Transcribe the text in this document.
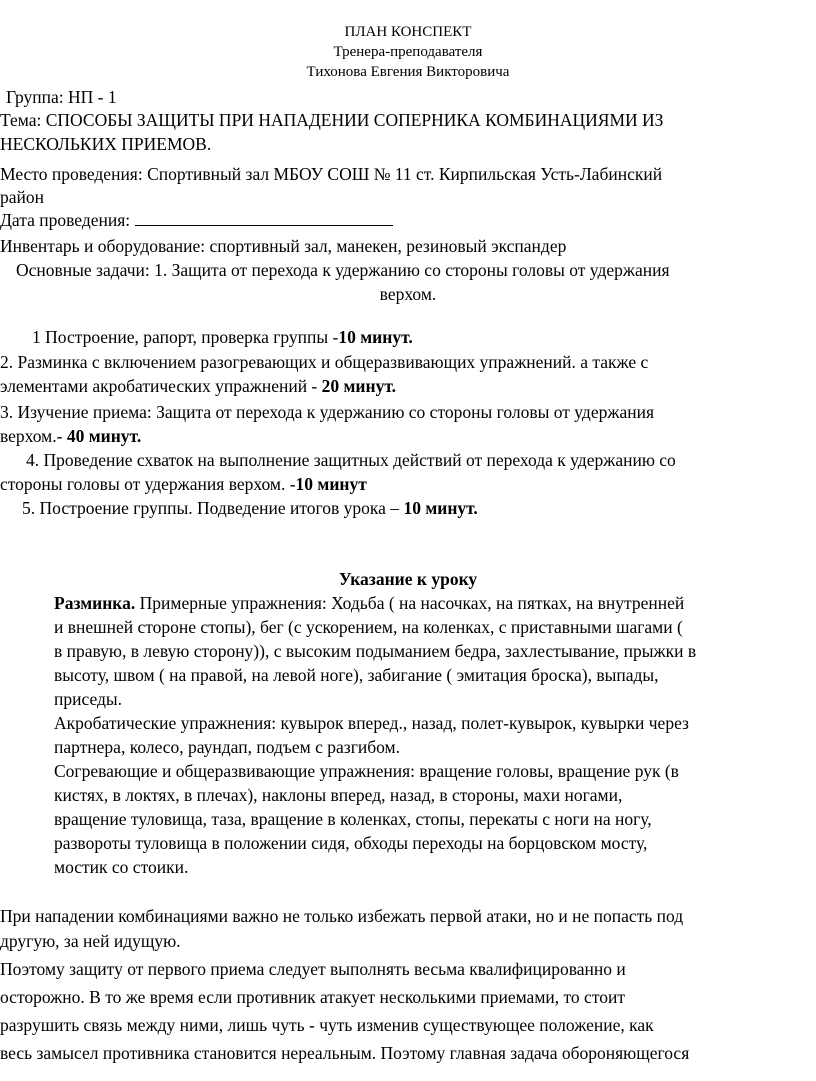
ПЛАН КОНСПЕКТ
Тренера-преподавателя
Тихонова Евгения Викторовича
Группа: НП - 1
Тема: СПОСОБЫ ЗАЩИТЫ ПРИ НАПАДЕНИИ СОПЕРНИКА КОМБИНАЦИЯМИ ИЗ
НЕСКОЛЬКИХ ПРИЕМОВ.
Место проведения: Спортивный зал МБОУ СОШ № 11 ст. Кирпильская Усть-Лабинский
район
Дата проведения:
Инвентарь и оборудование: спортивный зал, манекен, резиновый экспандер
Основные задачи: 1. Защита от перехода к удержанию со стороны головы от удержания
верхом.
1 Построение, рапорт, проверка группы -10 минут.
2. Разминка с включением разогревающих и общеразвивающих упражнений. а также с
элементами акробатических упражнений - 20 минут.
3. Изучение приема: Защита от перехода к удержанию со стороны головы от удержания
верхом.- 40 минут.
4. Проведение схваток на выполнение защитных действий от перехода к удержанию со
стороны головы от удержания верхом. -10 минут
5. Построение группы. Подведение итогов урока – 10 минут.
Указание к уроку
Разминка. Примерные упражнения: Ходьба ( на насочках, на пятках, на внутренней
и внешней стороне стопы), бег (с ускорением, на коленках, с приставными шагами (
в правую, в левую сторону)), с высоким подыманием бедра, захлестывание, прыжки в
высоту, швом ( на правой, на левой ноге), забигание ( эмитация броска), выпады,
приседы.
Акробатические упражнения: кувырок вперед., назад, полет-кувырок, кувырки через
партнера, колесо, раундап, подъем с разгибом.
Согревающие и общеразвивающие упражнения: вращение головы, вращение рук (в
кистях, в локтях, в плечах), наклоны вперед, назад, в стороны, махи ногами,
вращение туловища, таза, вращение в коленках, стопы, перекаты с ноги на ногу,
развороты туловища в положении сидя, обходы переходы на борцовском мосту,
мостик со стоики.
При нападении комбинациями важно не только избежать первой атаки, но и не попасть под
другую, за ней идущую.
Поэтому защиту от первого приема следует выполнять весьма квалифицированно и
осторожно. В то же время если противник атакует несколькими приемами, то стоит
разрушить связь между ними, лишь чуть - чуть изменив существующее положение, как
весь замысел противника становится нереальным. Поэтому главная задача обороняющегося
